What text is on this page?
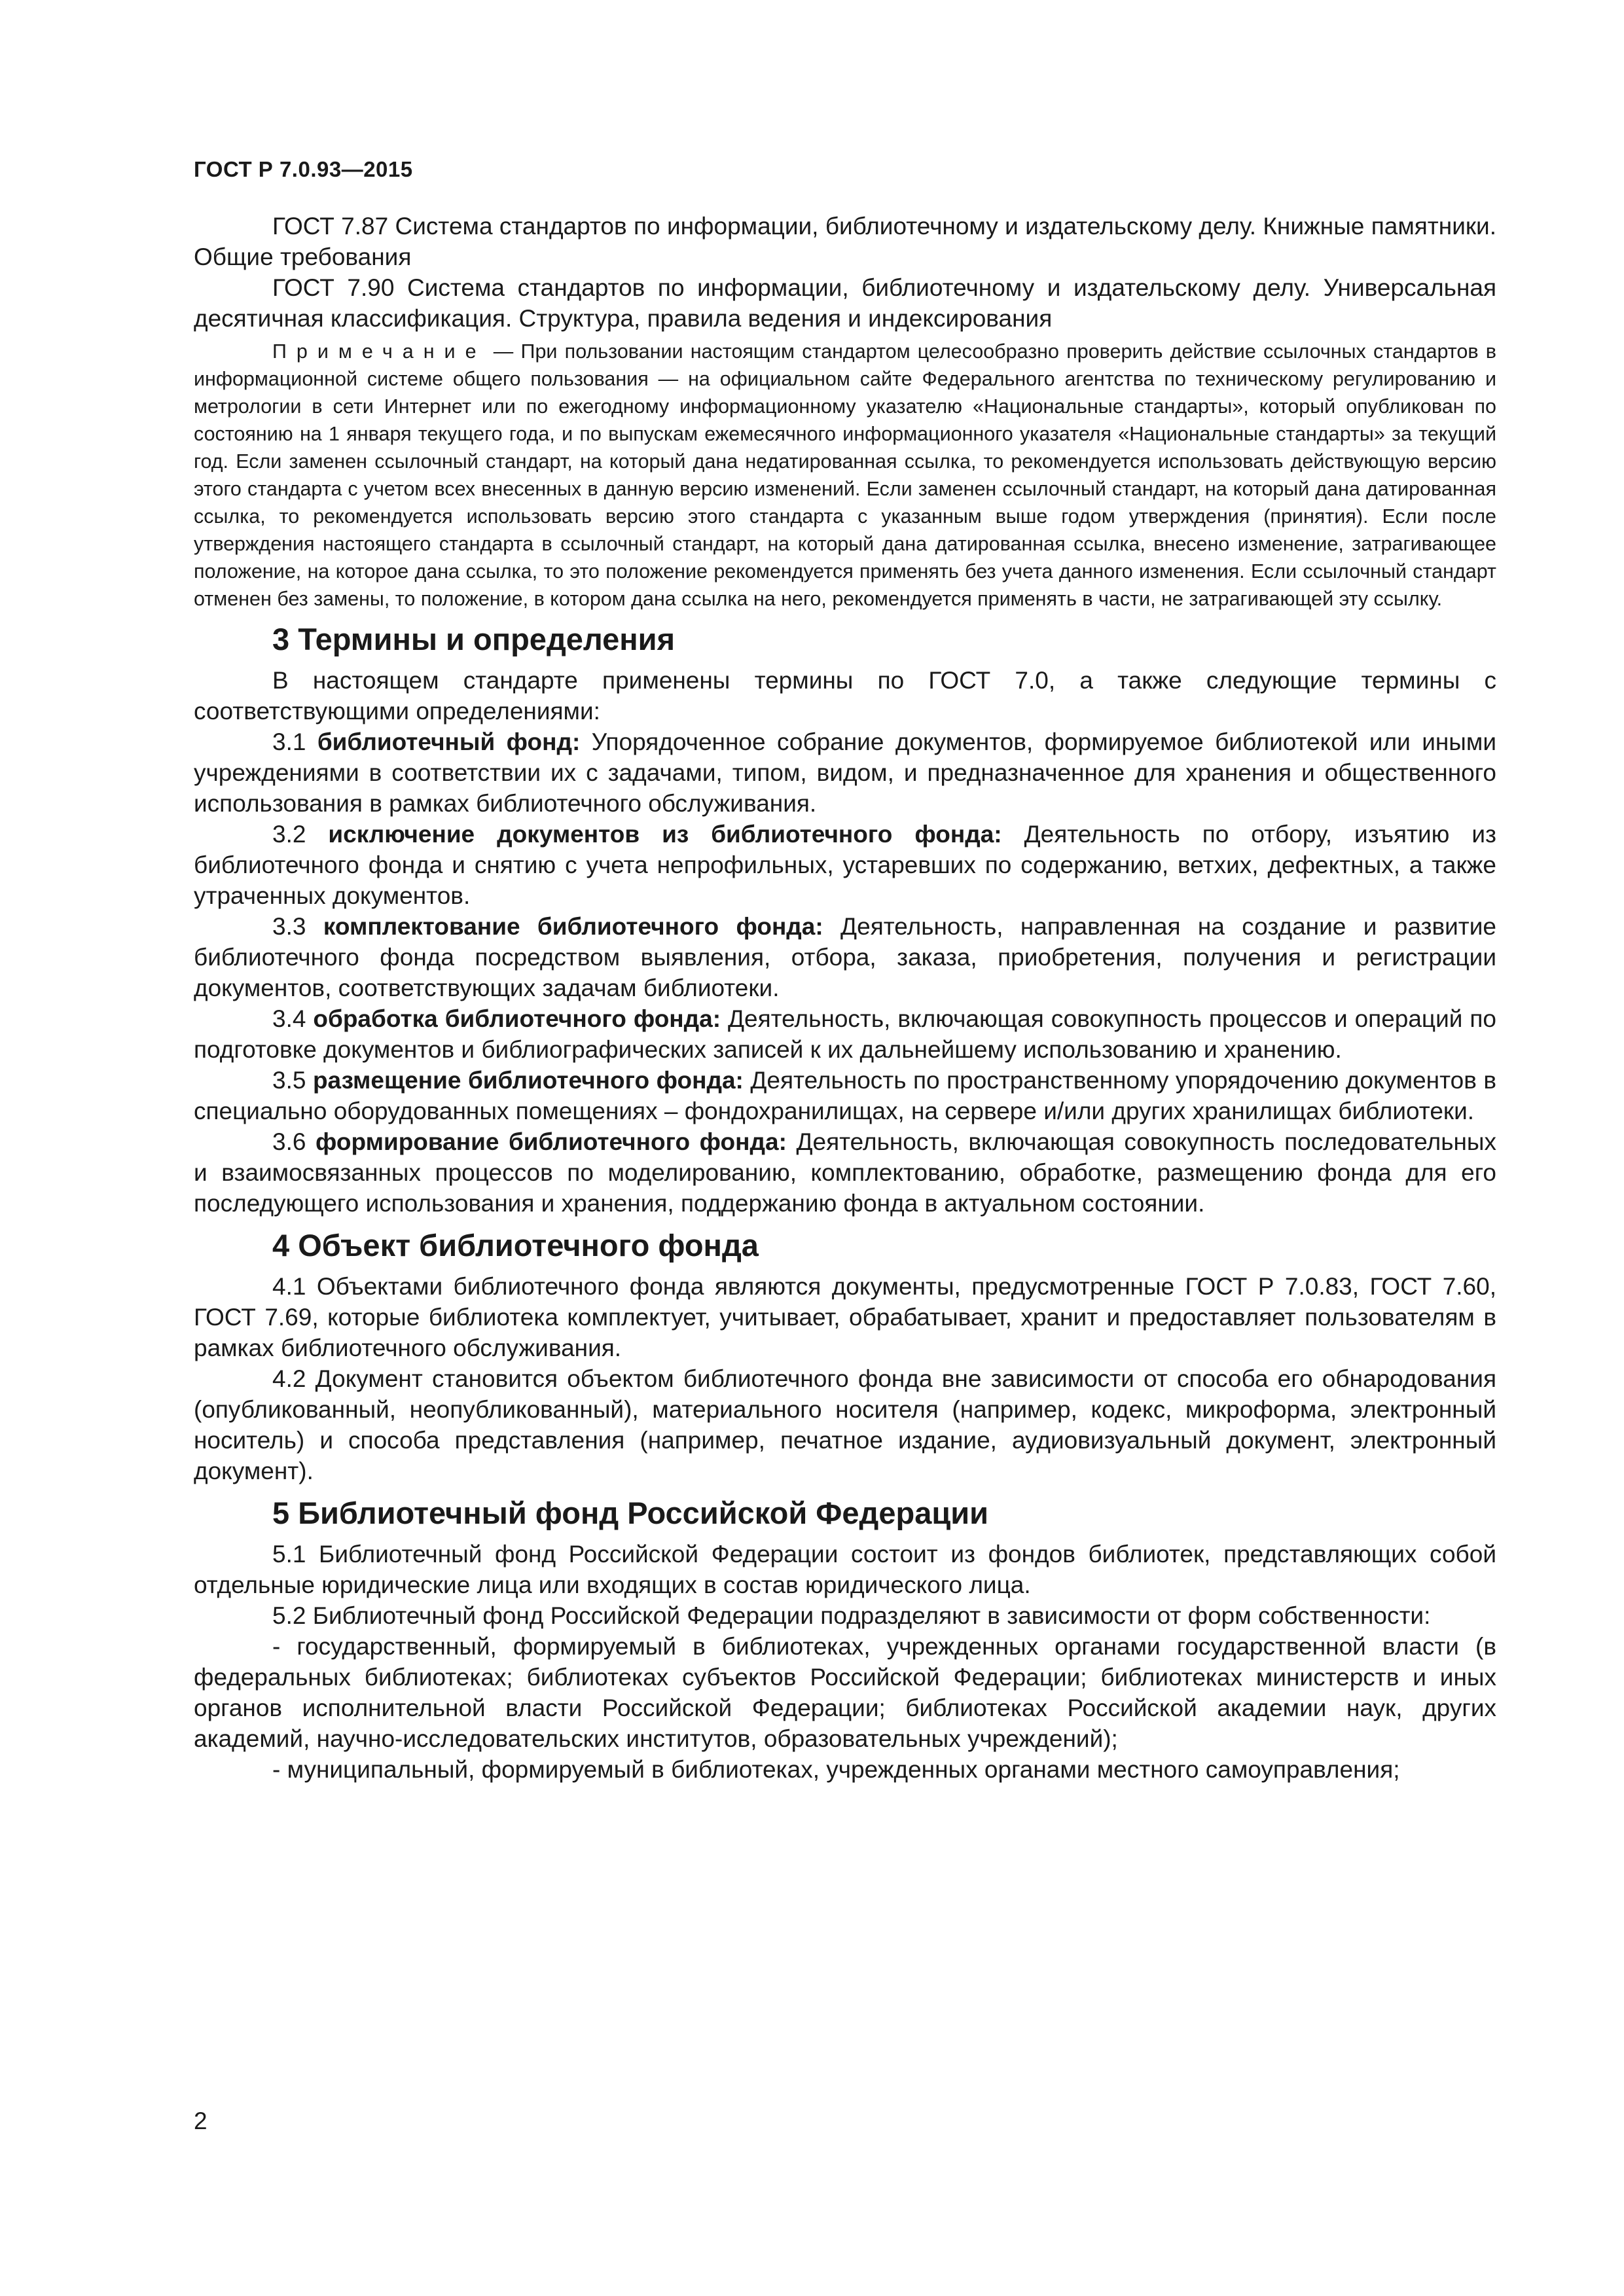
ГОСТ Р 7.0.93—2015

ГОСТ 7.87 Система стандартов по информации, библиотечному и издательскому делу. Книжные памятники. Общие требования

ГОСТ 7.90 Система стандартов по информации, библиотечному и издательскому делу. Универсальная десятичная классификация. Структура, правила ведения и индексирования

Примечание — При пользовании настоящим стандартом целесообразно проверить действие ссылочных стандартов в информационной системе общего пользования — на официальном сайте Федерального агентства по техническому регулированию и метрологии в сети Интернет или по ежегодному информационному указателю «Национальные стандарты», который опубликован по состоянию на 1 января текущего года, и по выпускам ежемесячного информационного указателя «Национальные стандарты» за текущий год. Если заменен ссылочный стандарт, на который дана недатированная ссылка, то рекомендуется использовать действующую версию этого стандарта с учетом всех внесенных в данную версию изменений. Если заменен ссылочный стандарт, на который дана датированная ссылка, то рекомендуется использовать версию этого стандарта с указанным выше годом утверждения (принятия). Если после утверждения настоящего стандарта в ссылочный стандарт, на который дана датированная ссылка, внесено изменение, затрагивающее положение, на которое дана ссылка, то это положение рекомендуется применять без учета данного изменения. Если ссылочный стандарт отменен без замены, то положение, в котором дана ссылка на него, рекомендуется применять в части, не затрагивающей эту ссылку.

3 Термины и определения

В настоящем стандарте применены термины по ГОСТ 7.0, а также следующие термины с соответствующими определениями:

3.1 библиотечный фонд: Упорядоченное собрание документов, формируемое библиотекой или иными учреждениями в соответствии их с задачами, типом, видом, и предназначенное для хранения и общественного использования в рамках библиотечного обслуживания.

3.2 исключение документов из библиотечного фонда: Деятельность по отбору, изъятию из библиотечного фонда и снятию с учета непрофильных, устаревших по содержанию, ветхих, дефектных, а также утраченных документов.

3.3 комплектование библиотечного фонда: Деятельность, направленная на создание и развитие библиотечного фонда посредством выявления, отбора, заказа, приобретения, получения и регистрации документов, соответствующих задачам библиотеки.

3.4 обработка библиотечного фонда: Деятельность, включающая совокупность процессов и операций по подготовке документов и библиографических записей к их дальнейшему использованию и хранению.

3.5 размещение библиотечного фонда: Деятельность по пространственному упорядочению документов в специально оборудованных помещениях – фондохранилищах, на сервере и/или других хранилищах библиотеки.

3.6 формирование библиотечного фонда: Деятельность, включающая совокупность последовательных и взаимосвязанных процессов по моделированию, комплектованию, обработке, размещению фонда для его последующего использования и хранения, поддержанию фонда в актуальном состоянии.

4 Объект библиотечного фонда

4.1 Объектами библиотечного фонда являются документы, предусмотренные ГОСТ Р 7.0.83, ГОСТ 7.60, ГОСТ 7.69, которые библиотека комплектует, учитывает, обрабатывает, хранит и предоставляет пользователям в рамках библиотечного обслуживания.

4.2 Документ становится объектом библиотечного фонда вне зависимости от способа его обнародования (опубликованный, неопубликованный), материального носителя (например, кодекс, микроформа, электронный носитель) и способа представления (например, печатное издание, аудиовизуальный документ, электронный документ).

5 Библиотечный фонд Российской Федерации

5.1 Библиотечный фонд Российской Федерации состоит из фондов библиотек, представляющих собой отдельные юридические лица или входящих в состав юридического лица.

5.2 Библиотечный фонд Российской Федерации подразделяют в зависимости от форм собственности:

- государственный, формируемый в библиотеках, учрежденных органами государственной власти (в федеральных библиотеках; библиотеках субъектов Российской Федерации; библиотеках министерств и иных органов исполнительной власти Российской Федерации; библиотеках Российской академии наук, других академий, научно-исследовательских институтов, образовательных учреждений);

- муниципальный, формируемый в библиотеках, учрежденных органами местного самоуправления;

2
